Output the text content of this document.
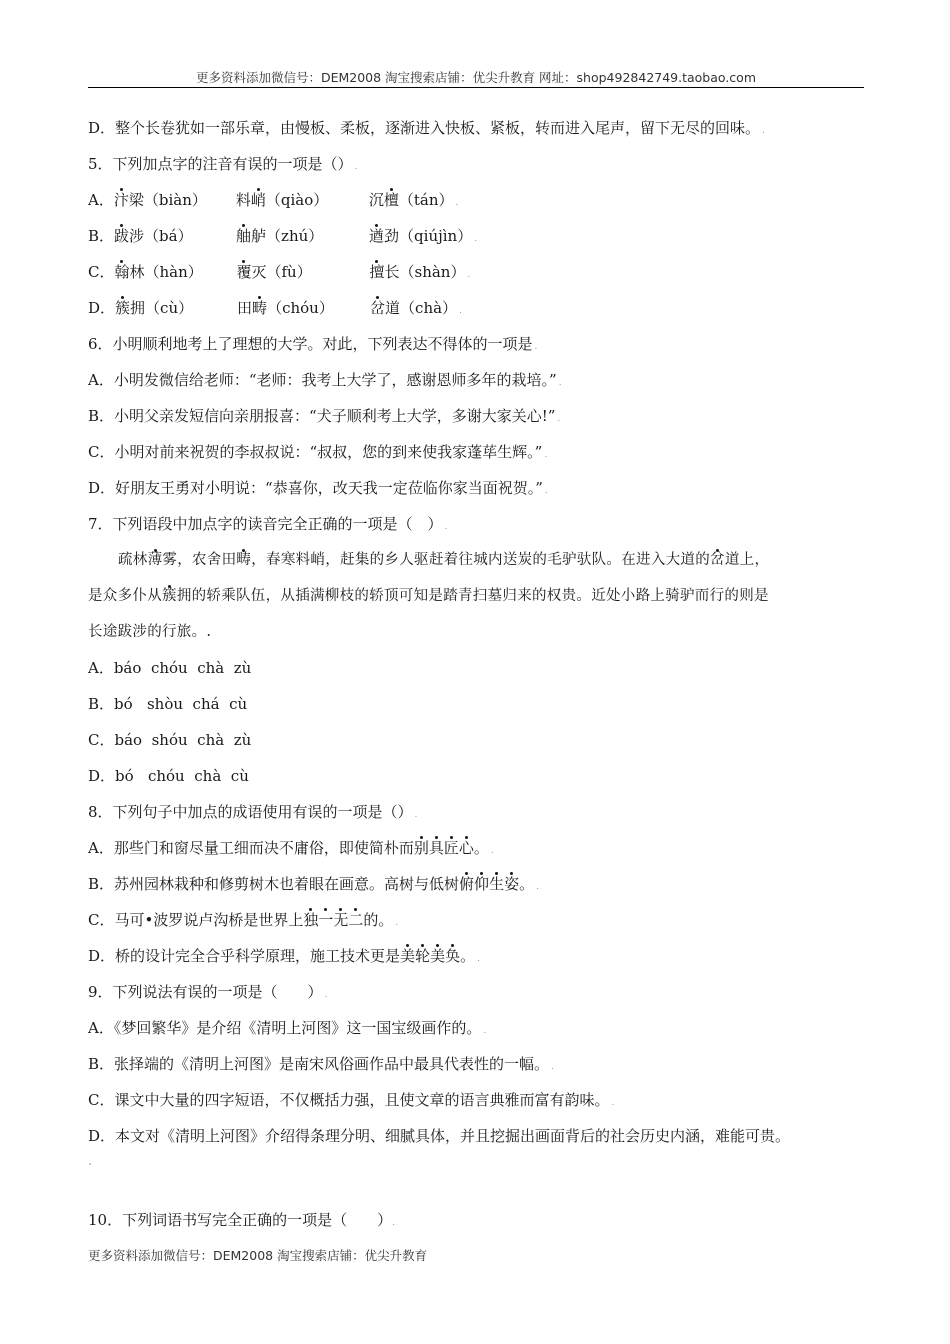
更多资料添加微信号：DEM2008 淘宝搜索店铺：优尖升教育 网址：shop492842749.taobao.com
D．整个长卷犹如一部乐章，由慢板、柔板，逐渐进入快板、紧板，转而进入尾声，留下无尽的回味。 .
5．下列加点字的注音有误的一项是（） .
A．汴梁（biàn） 料峭（qiào）	沉檀（tán） .
B．跋涉（bá）	舳舻（zhú）	遒劲（qiújìn） .
C．翰林（hàn） 覆灭（fù）	擅长（shàn） .
D．簇拥（cù）	田畴（chóu） 岔道（chà） .
6．小明顺利地考上了理想的大学。对此，下列表达不得体的一项是 .
A．小明发微信给老师：“老师：我考上大学了，感谢恩师多年的栽培。” .
B．小明父亲发短信向亲朋报喜：“犬子顺利考上大学，多谢大家关心!” .
C．小明对前来祝贺的李叔叔说：“叔叔，您的到来使我家蓬荜生辉。” .
D．好朋友王勇对小明说：“恭喜你，改天我一定莅临你家当面祝贺。” .
7．下列语段中加点字的读音完全正确的一项是（　） .
疏林薄雾，农舍田畴，春寒料峭，赶集的乡人驱赶着往城内送炭的毛驴驮队。在进入大道的岔道上，
是众多仆从簇拥的轿乘队伍，从插满柳枝的轿顶可知是踏青扫墓归来的权贵。近处小路上骑驴而行的则是
长途跋涉的行旅。.
A．báo  chóu  chà  zù
B．bó   shòu  chá  cù
C．báo  shóu  chà  zù
D．bó   chóu  chà  cù
8．下列句子中加点的成语使用有误的一项是（） .
A．那些门和窗尽量工细而决不庸俗，即使简朴而别具匠心。 .
B．苏州园林栽种和修剪树木也着眼在画意。高树与低树俯仰生姿。 .
C．马可•波罗说卢沟桥是世界上独一无二的。 .
D．桥的设计完全合乎科学原理，施工技术更是美轮美奂。 .
9．下列说法有误的一项是（　　） .
A．《梦回繁华》是介绍《清明上河图》这一国宝级画作的。 .
B．张择端的《清明上河图》是南宋风俗画作品中最具代表性的一幅。 .
C．课文中大量的四字短语，不仅概括力强，且使文章的语言典雅而富有韵味。 .
D．本文对《清明上河图》介绍得条理分明、细腻具体，并且挖掘出画面背后的社会历史内涵，难能可贵。
.
10．下列词语书写完全正确的一项是（　　）.
更多资料添加微信号：DEM2008 淘宝搜索店铺：优尖升教育
